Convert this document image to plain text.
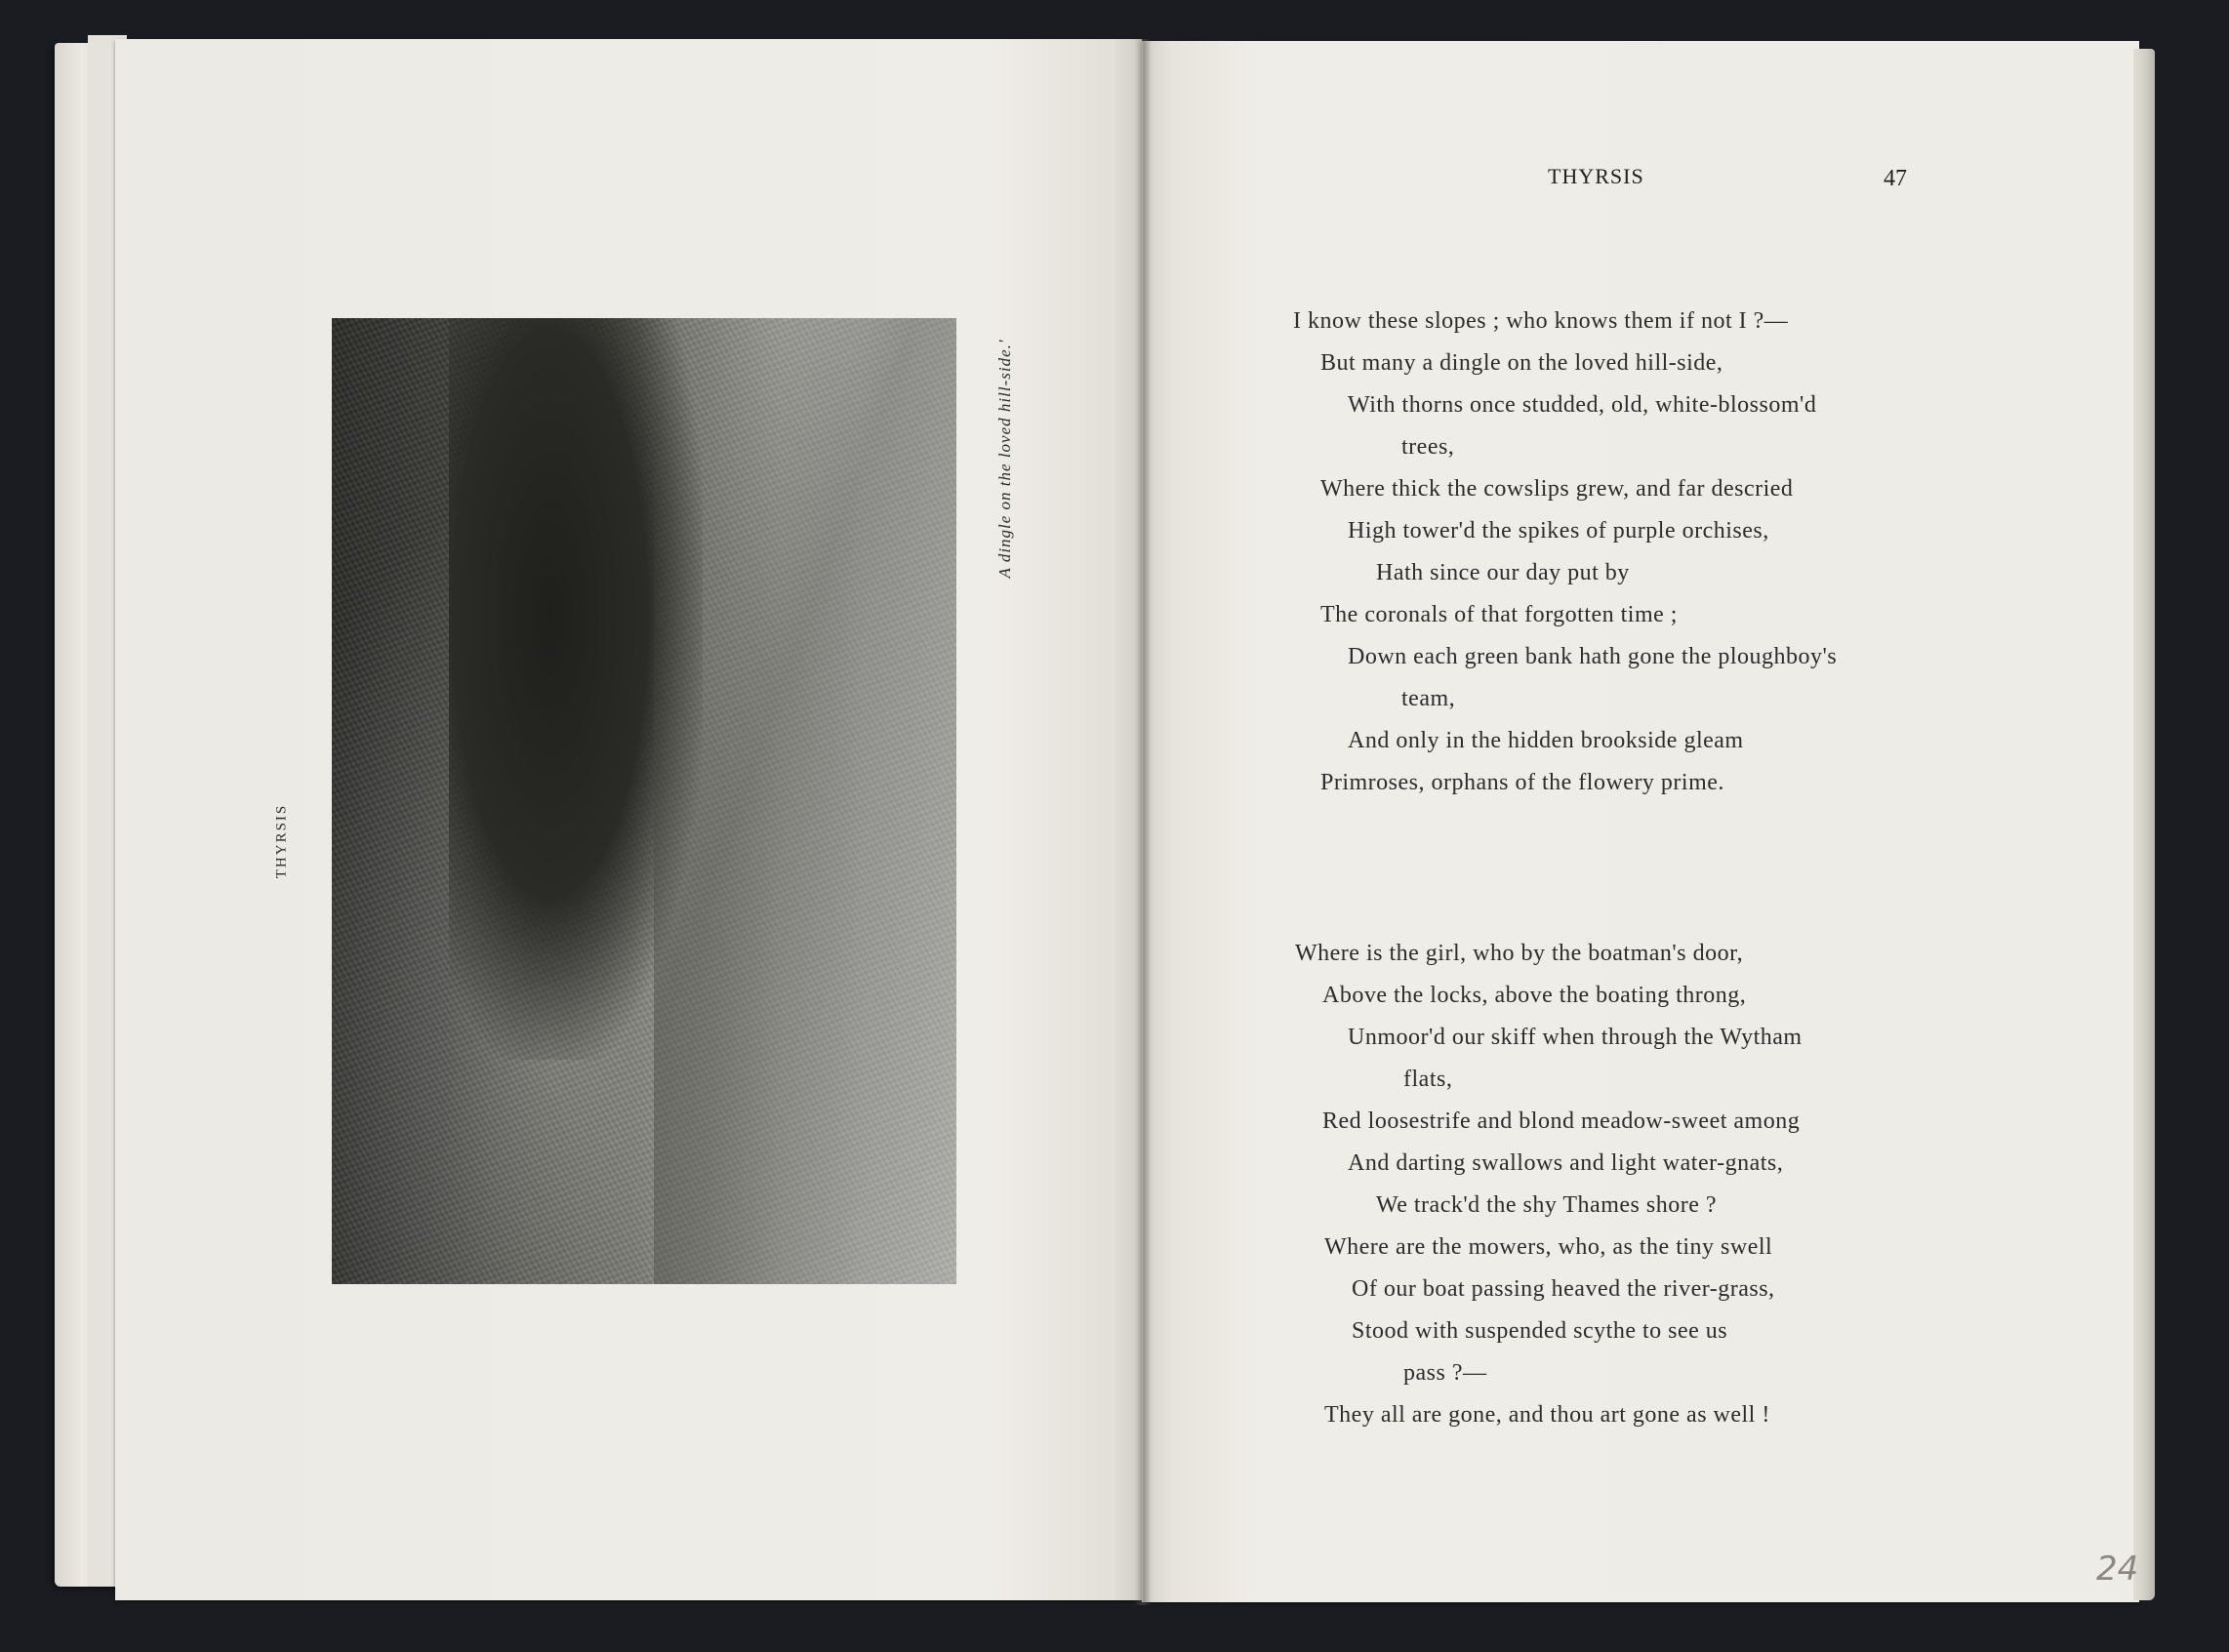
THYRSIS
A dingle on the loved hill-side.'
THYRSIS	47
I know these slopes ; who knows them if not I ?—
But many a dingle on the loved hill-side,
With thorns once studded, old, white-blossom'd
trees,
Where thick the cowslips grew, and far descried
High tower'd the spikes of purple orchises,
Hath since our day put by
The coronals of that forgotten time ;
Down each green bank hath gone the ploughboy's
team,
And only in the hidden brookside gleam
Primroses, orphans of the flowery prime.
Where is the girl, who by the boatman's door,
Above the locks, above the boating throng,
Unmoor'd our skiff when through the Wytham
flats,
Red loosestrife and blond meadow-sweet among
And darting swallows and light water-gnats,
We track'd the shy Thames shore ?
Where are the mowers, who, as the tiny swell
Of our boat passing heaved the river-grass,
Stood with suspended scythe to see us
pass ?—
They all are gone, and thou art gone as well !
24
